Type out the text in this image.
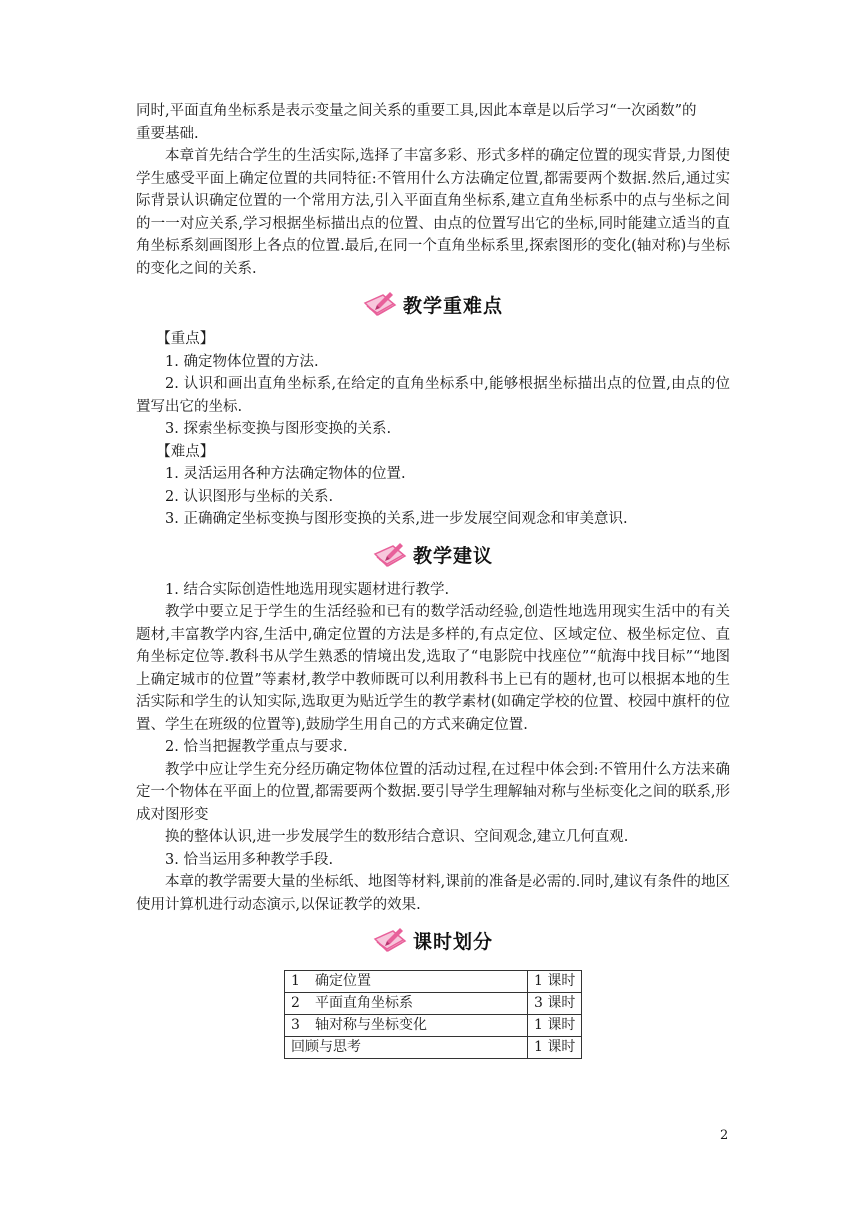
同时,平面直角坐标系是表示变量之间关系的重要工具,因此本章是以后学习“一次函数”的

重要基础.

本章首先结合学生的生活实际,选择了丰富多彩、形式多样的确定位置的现实背景,力图使学生感受平面上确定位置的共同特征:不管用什么方法确定位置,都需要两个数据.然后,通过实际背景认识确定位置的一个常用方法,引入平面直角坐标系,建立直角坐标系中的点与坐标之间的一一对应关系,学习根据坐标描出点的位置、由点的位置写出它的坐标,同时能建立适当的直角坐标系刻画图形上各点的位置.最后,在同一个直角坐标系里,探索图形的变化(轴对称)与坐标的变化之间的关系.

教学重难点

【重点】

1. 确定物体位置的方法.

2. 认识和画出直角坐标系,在给定的直角坐标系中,能够根据坐标描出点的位置,由点的位置写出它的坐标.

3. 探索坐标变换与图形变换的关系.

【难点】

1. 灵活运用各种方法确定物体的位置.

2. 认识图形与坐标的关系.

3. 正确确定坐标变换与图形变换的关系,进一步发展空间观念和审美意识.

教学建议

1. 结合实际创造性地选用现实题材进行教学.

教学中要立足于学生的生活经验和已有的数学活动经验,创造性地选用现实生活中的有关题材,丰富教学内容,生活中,确定位置的方法是多样的,有点定位、区域定位、极坐标定位、直角坐标定位等.教科书从学生熟悉的情境出发,选取了“电影院中找座位”“航海中找目标”“地图上确定城市的位置”等素材,教学中教师既可以利用教科书上已有的题材,也可以根据本地的生活实际和学生的认知实际,选取更为贴近学生的教学素材(如确定学校的位置、校园中旗杆的位置、学生在班级的位置等),鼓励学生用自己的方式来确定位置.

2. 恰当把握教学重点与要求.

教学中应让学生充分经历确定物体位置的活动过程,在过程中体会到:不管用什么方法来确定一个物体在平面上的位置,都需要两个数据.要引导学生理解轴对称与坐标变化之间的联系,形成对图形变

换的整体认识,进一步发展学生的数形结合意识、空间观念,建立几何直观.

3. 恰当运用多种教学手段.

本章的教学需要大量的坐标纸、地图等材料,课前的准备是必需的.同时,建议有条件的地区使用计算机进行动态演示,以保证教学的效果.

课时划分
1 确定位置	1 课时
2 平面直角坐标系	3 课时
3 轴对称与坐标变化	1 课时
回顾与思考	1 课时
2
